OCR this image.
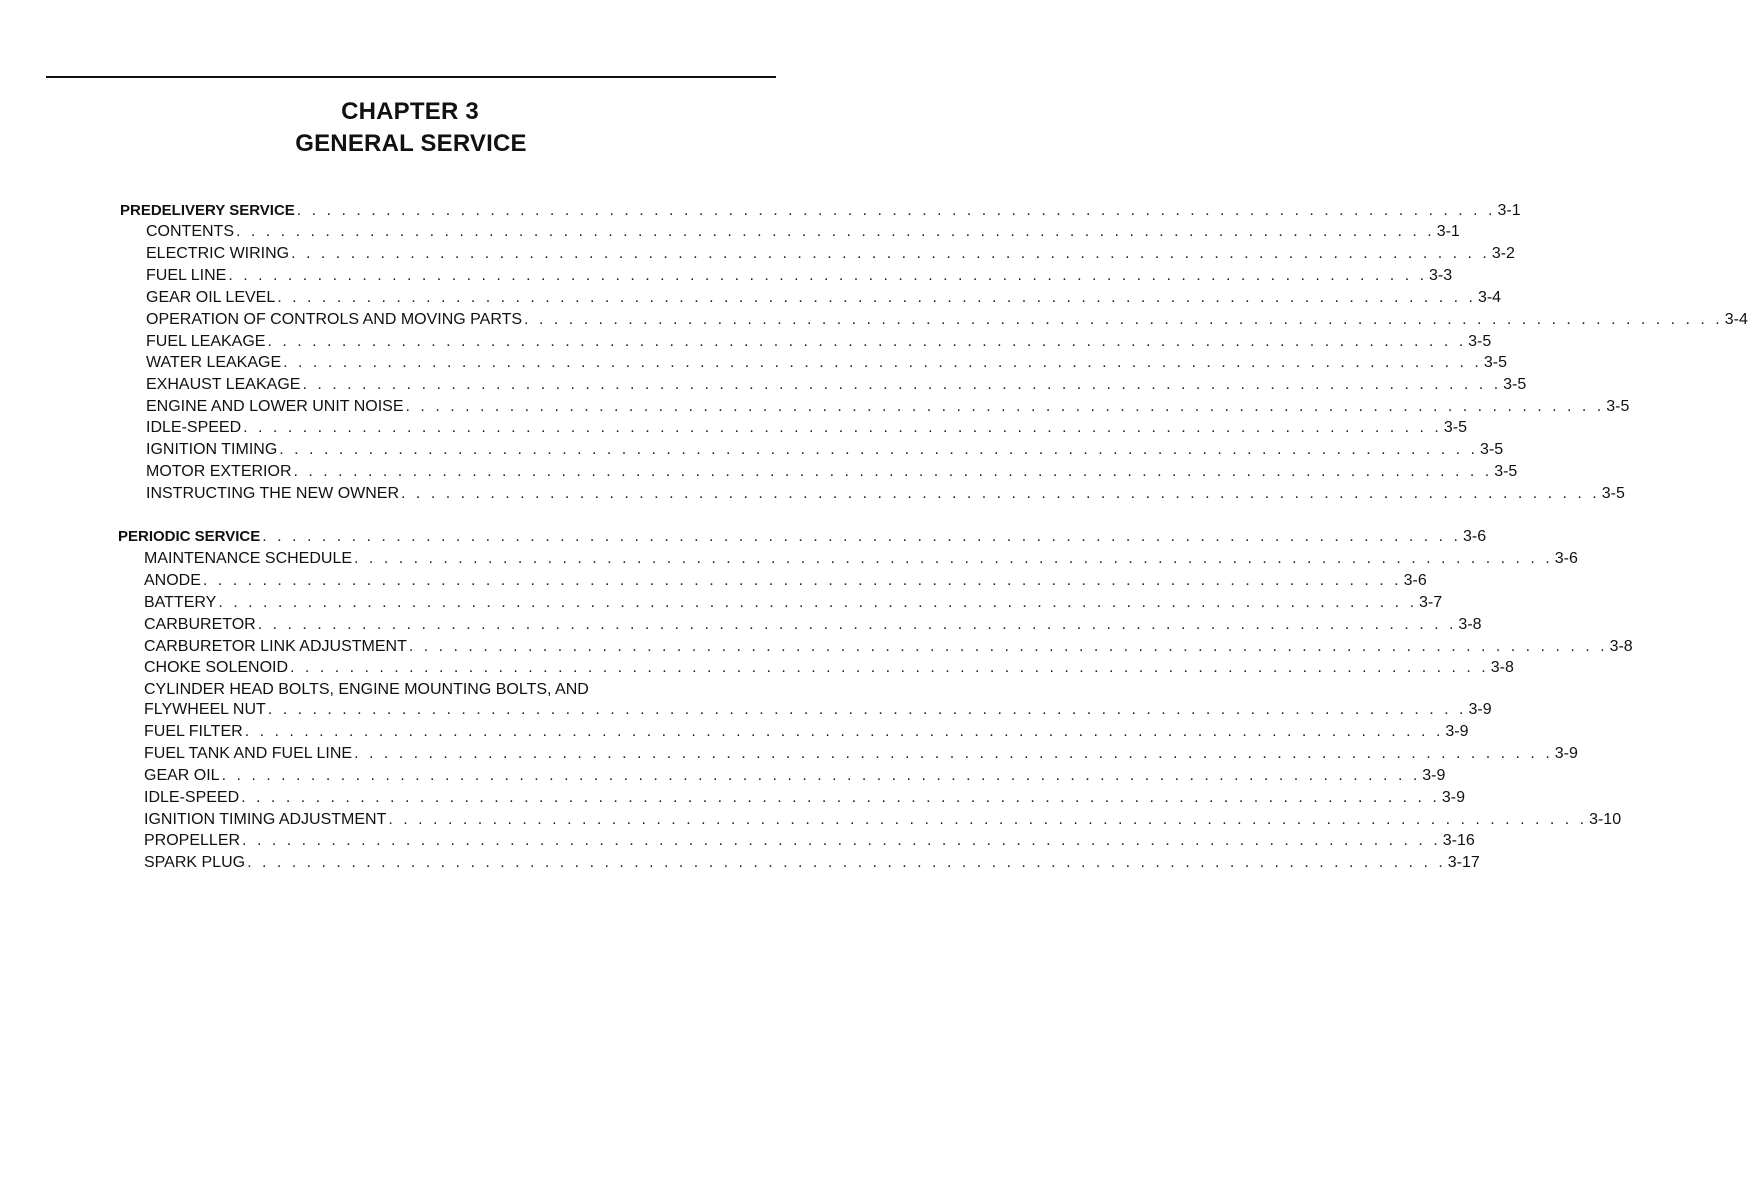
CHAPTER 3
GENERAL SERVICE
PREDELIVERY SERVICE . . . . . . . . . . . . . . . . . . . . . . . . . . . . . . . . . . . . . . . . . . . . . . . . . . . . . . . . . . . . . . . . . . . . . . . . . . . . . . . . . 3-1
CONTENTS . . . . . . . . . . . . . . . . . . . . . . . . . . . . . . . . . . . . . . . . . . . . . . . . . . . . . . . . . . . . . . . . . . . . . . . . . . . . . . . . . 3-1
ELECTRIC WIRING . . . . . . . . . . . . . . . . . . . . . . . . . . . . . . . . . . . . . . . . . . . . . . . . . . . . . . . . . . . . . . . . . . . . . . . . . . . . . . . . . 3-2
FUEL LINE . . . . . . . . . . . . . . . . . . . . . . . . . . . . . . . . . . . . . . . . . . . . . . . . . . . . . . . . . . . . . . . . . . . . . . . . . . . . . . . . . 3-3
GEAR OIL LEVEL . . . . . . . . . . . . . . . . . . . . . . . . . . . . . . . . . . . . . . . . . . . . . . . . . . . . . . . . . . . . . . . . . . . . . . . . . . . . . . . . . 3-4
OPERATION OF CONTROLS AND MOVING PARTS . . . . . . . . . . . . . . . . . . . . . . . . . . . . . . . . . . . . . . . . . . . . . . . . . . . . . . . . . . . . . . . . . . . . . . . . . . . . . . . . . 3-4
FUEL LEAKAGE . . . . . . . . . . . . . . . . . . . . . . . . . . . . . . . . . . . . . . . . . . . . . . . . . . . . . . . . . . . . . . . . . . . . . . . . . . . . . . . . . 3-5
WATER LEAKAGE . . . . . . . . . . . . . . . . . . . . . . . . . . . . . . . . . . . . . . . . . . . . . . . . . . . . . . . . . . . . . . . . . . . . . . . . . . . . . . . . . 3-5
EXHAUST LEAKAGE . . . . . . . . . . . . . . . . . . . . . . . . . . . . . . . . . . . . . . . . . . . . . . . . . . . . . . . . . . . . . . . . . . . . . . . . . . . . . . . . . 3-5
ENGINE AND LOWER UNIT NOISE . . . . . . . . . . . . . . . . . . . . . . . . . . . . . . . . . . . . . . . . . . . . . . . . . . . . . . . . . . . . . . . . . . . . . . . . . . . . . . . . . 3-5
IDLE-SPEED . . . . . . . . . . . . . . . . . . . . . . . . . . . . . . . . . . . . . . . . . . . . . . . . . . . . . . . . . . . . . . . . . . . . . . . . . . . . . . . . . 3-5
IGNITION TIMING . . . . . . . . . . . . . . . . . . . . . . . . . . . . . . . . . . . . . . . . . . . . . . . . . . . . . . . . . . . . . . . . . . . . . . . . . . . . . . . . . 3-5
MOTOR EXTERIOR . . . . . . . . . . . . . . . . . . . . . . . . . . . . . . . . . . . . . . . . . . . . . . . . . . . . . . . . . . . . . . . . . . . . . . . . . . . . . . . . . 3-5
INSTRUCTING THE NEW OWNER . . . . . . . . . . . . . . . . . . . . . . . . . . . . . . . . . . . . . . . . . . . . . . . . . . . . . . . . . . . . . . . . . . . . . . . . . . . . . . . . . 3-5
PERIODIC SERVICE . . . . . . . . . . . . . . . . . . . . . . . . . . . . . . . . . . . . . . . . . . . . . . . . . . . . . . . . . . . . . . . . . . . . . . . . . . . . . . . . . 3-6
MAINTENANCE SCHEDULE . . . . . . . . . . . . . . . . . . . . . . . . . . . . . . . . . . . . . . . . . . . . . . . . . . . . . . . . . . . . . . . . . . . . . . . . . . . . . . . . . 3-6
ANODE . . . . . . . . . . . . . . . . . . . . . . . . . . . . . . . . . . . . . . . . . . . . . . . . . . . . . . . . . . . . . . . . . . . . . . . . . . . . . . . . . 3-6
BATTERY . . . . . . . . . . . . . . . . . . . . . . . . . . . . . . . . . . . . . . . . . . . . . . . . . . . . . . . . . . . . . . . . . . . . . . . . . . . . . . . . . 3-7
CARBURETOR . . . . . . . . . . . . . . . . . . . . . . . . . . . . . . . . . . . . . . . . . . . . . . . . . . . . . . . . . . . . . . . . . . . . . . . . . . . . . . . . . 3-8
CARBURETOR LINK ADJUSTMENT . . . . . . . . . . . . . . . . . . . . . . . . . . . . . . . . . . . . . . . . . . . . . . . . . . . . . . . . . . . . . . . . . . . . . . . . . . . . . . . . . 3-8
CHOKE SOLENOID . . . . . . . . . . . . . . . . . . . . . . . . . . . . . . . . . . . . . . . . . . . . . . . . . . . . . . . . . . . . . . . . . . . . . . . . . . . . . . . . . 3-8
CYLINDER HEAD BOLTS, ENGINE MOUNTING BOLTS, AND
FLYWHEEL NUT . . . . . . . . . . . . . . . . . . . . . . . . . . . . . . . . . . . . . . . . . . . . . . . . . . . . . . . . . . . . . . . . . . . . . . . . . . . . . . . . . 3-9
FUEL FILTER . . . . . . . . . . . . . . . . . . . . . . . . . . . . . . . . . . . . . . . . . . . . . . . . . . . . . . . . . . . . . . . . . . . . . . . . . . . . . . . . . 3-9
FUEL TANK AND FUEL LINE . . . . . . . . . . . . . . . . . . . . . . . . . . . . . . . . . . . . . . . . . . . . . . . . . . . . . . . . . . . . . . . . . . . . . . . . . . . . . . . . . 3-9
GEAR OIL . . . . . . . . . . . . . . . . . . . . . . . . . . . . . . . . . . . . . . . . . . . . . . . . . . . . . . . . . . . . . . . . . . . . . . . . . . . . . . . . . 3-9
IDLE-SPEED . . . . . . . . . . . . . . . . . . . . . . . . . . . . . . . . . . . . . . . . . . . . . . . . . . . . . . . . . . . . . . . . . . . . . . . . . . . . . . . . . 3-9
IGNITION TIMING ADJUSTMENT . . . . . . . . . . . . . . . . . . . . . . . . . . . . . . . . . . . . . . . . . . . . . . . . . . . . . . . . . . . . . . . . . . . . . . . . . . . . . . . . . 3-10
PROPELLER . . . . . . . . . . . . . . . . . . . . . . . . . . . . . . . . . . . . . . . . . . . . . . . . . . . . . . . . . . . . . . . . . . . . . . . . . . . . . . . . . 3-16
SPARK PLUG . . . . . . . . . . . . . . . . . . . . . . . . . . . . . . . . . . . . . . . . . . . . . . . . . . . . . . . . . . . . . . . . . . . . . . . . . . . . . . . . . 3-17
